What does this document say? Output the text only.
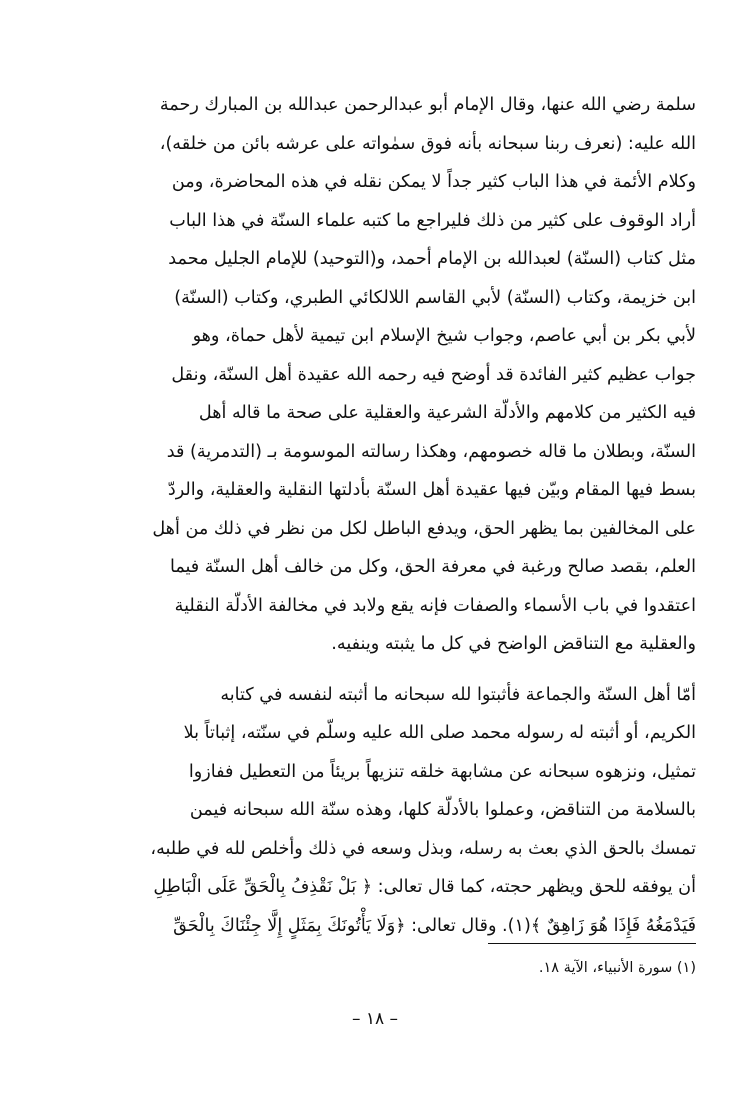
سلمة رضي الله عنها، وقال الإمام أبو عبدالرحمن عبدالله بن المبارك رحمة
الله عليه: (نعرف ربنا سبحانه بأنه فوق سمٰواته على عرشه بائن من خلقه)،
وكلام الأئمة في هذا الباب كثير جداً لا يمكن نقله في هذه المحاضرة، ومن
أراد الوقوف على كثير من ذلك فليراجع ما كتبه علماء السنّة في هذا الباب
مثل كتاب (السنّة) لعبدالله بن الإمام أحمد، و(التوحيد) للإمام الجليل محمد
ابن خزيمة، وكتاب (السنّة) لأبي القاسم اللالكائي الطبري، وكتاب (السنّة)
لأبي بكر بن أبي عاصم، وجواب شيخ الإسلام ابن تيمية لأهل حماة، وهو
جواب عظيم كثير الفائدة قد أوضح فيه رحمه الله عقيدة أهل السنّة، ونقل
فيه الكثير من كلامهم والأدلّة الشرعية والعقلية على صحة ما قاله أهل
السنّة، وبطلان ما قاله خصومهم، وهكذا رسالته الموسومة بـ (التدمرية) قد
بسط فيها المقام وبيّن فيها عقيدة أهل السنّة بأدلتها النقلية والعقلية، والردّ
على المخالفين بما يظهر الحق، ويدفع الباطل لكل من نظر في ذلك من أهل
العلم، بقصد صالح ورغبة في معرفة الحق، وكل من خالف أهل السنّة فيما
اعتقدوا في باب الأسماء والصفات فإنه يقع ولابد في مخالفة الأدلّة النقلية
والعقلية مع التناقض الواضح في كل ما يثبته وينفيه.

أمّا أهل السنّة والجماعة فأثبتوا لله سبحانه ما أثبته لنفسه في كتابه
الكريم، أو أثبته له رسوله محمد صلى الله عليه وسلّم في سنّته، إثباتاً بلا
تمثيل، ونزهوه سبحانه عن مشابهة خلقه تنزيهاً بريئاً من التعطيل ففازوا
بالسلامة من التناقض، وعملوا بالأدلّة كلها، وهذه سنّة الله سبحانه فيمن
تمسك بالحق الذي بعث به رسله، وبذل وسعه في ذلك وأخلص لله في طلبه،
أن يوفقه للحق ويظهر حجته، كما قال تعالى: ﴿ بَلْ نَقْذِفُ بِالْحَقِّ عَلَى الْبَاطِلِ
فَيَدْمَغُهُ فَإِذَا هُوَ زَاهِقٌ ﴾(١). وقال تعالى: ﴿وَلَا يَأْتُونَكَ بِمَثَلٍ إِلَّا جِئْنَاكَ بِالْحَقِّ

(١) سورة الأنبياء، الآية ١٨.
– ١٨ –
